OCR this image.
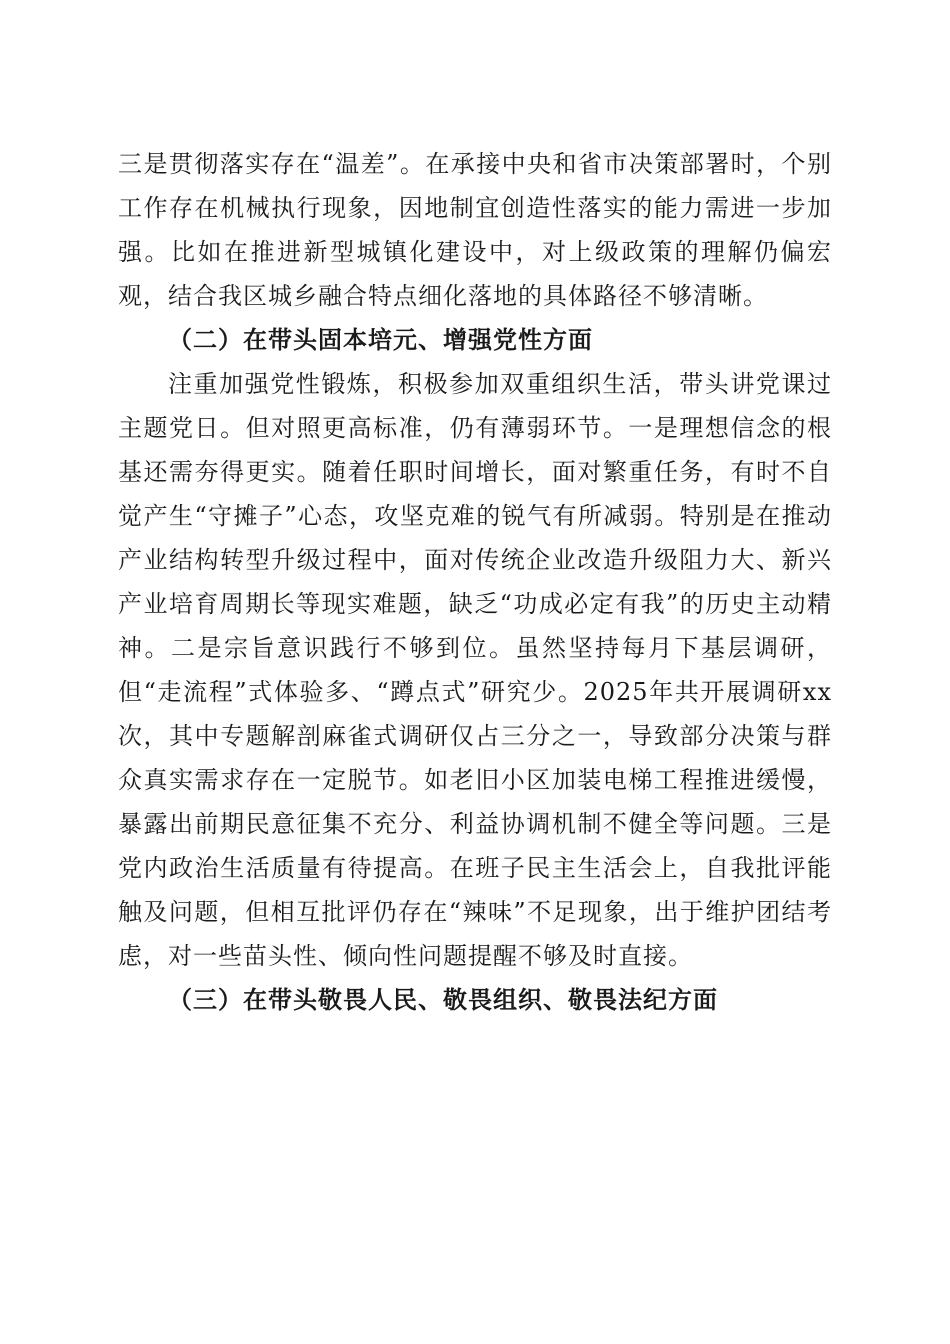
三是贯彻落实存在“温差”。在承接中央和省市决策部署时，个别工作存在机械执行现象，因地制宜创造性落实的能力需进一步加强。比如在推进新型城镇化建设中，对上级政策的理解仍偏宏观，结合我区城乡融合特点细化落地的具体路径不够清晰。

（二）在带头固本培元、增强党性方面

注重加强党性锻炼，积极参加双重组织生活，带头讲党课过主题党日。但对照更高标准，仍有薄弱环节。一是理想信念的根基还需夯得更实。随着任职时间增长，面对繁重任务，有时不自觉产生“守摊子”心态，攻坚克难的锐气有所减弱。特别是在推动产业结构转型升级过程中，面对传统企业改造升级阻力大、新兴产业培育周期长等现实难题，缺乏“功成必定有我”的历史主动精神。二是宗旨意识践行不够到位。虽然坚持每月下基层调研，但“走流程”式体验多、“蹲点式”研究少。2025年共开展调研xx次，其中专题解剖麻雀式调研仅占三分之一，导致部分决策与群众真实需求存在一定脱节。如老旧小区加装电梯工程推进缓慢，暴露出前期民意征集不充分、利益协调机制不健全等问题。三是党内政治生活质量有待提高。在班子民主生活会上，自我批评能触及问题，但相互批评仍存在“辣味”不足现象，出于维护团结考虑，对一些苗头性、倾向性问题提醒不够及时直接。

（三）在带头敬畏人民、敬畏组织、敬畏法纪方面
